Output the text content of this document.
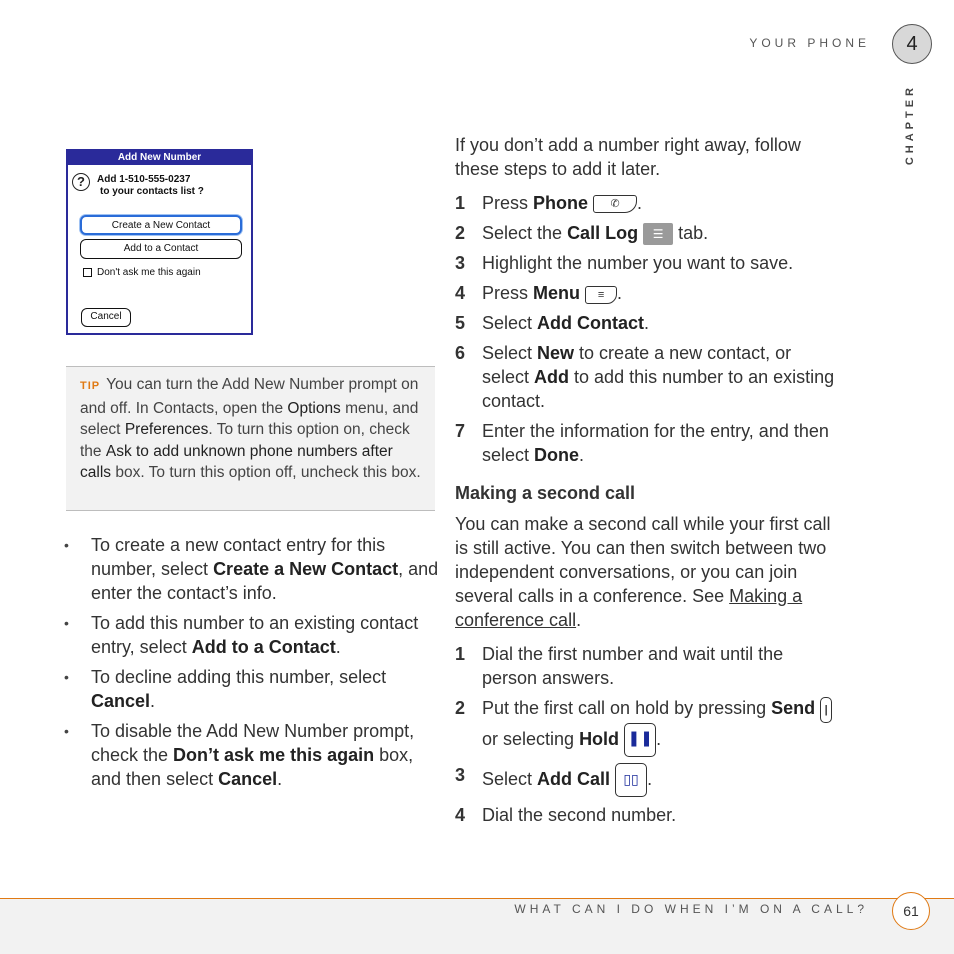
YOUR PHONE	4
CHAPTER
Add New Number
?	Add 1-510-555-0237
to your contacts list ?
Create a New Contact
Add to a Contact
Don't ask me this again
Cancel
TIP You can turn the Add New Number prompt on and off. In Contacts, open the Options menu, and select Preferences. To turn this option on, check the Ask to add unknown phone numbers after calls box. To turn this option off, uncheck this box.
• To create a new contact entry for this number, select Create a New Contact, and enter the contact’s info.
• To add this number to an existing contact entry, select Add to a Contact.
• To decline adding this number, select Cancel.
• To disable the Add New Number prompt, check the Don’t ask me this again box, and then select Cancel.

If you don’t add a number right away, follow these steps to add it later.

1 Press Phone ✆ .
2 Select the Call Log ☰ tab.
3 Highlight the number you want to save.
4 Press Menu ≡ .
5 Select Add Contact.
6 Select New to create a new contact, or select Add to add this number to an existing contact.
7 Enter the information for the entry, and then select Done.
Making a second call

You can make a second call while your first call is still active. You can then switch between two independent conversations, or you can join several calls in a conference. See Making a conference call.

1 Dial the first number and wait until the person answers.
2 Put the first call on hold by pressing Send | or selecting Hold ❚❚ .
3 Select Add Call ▯▯ .
4 Dial the second number.
WHAT CAN I DO WHEN I’M ON A CALL?	61
